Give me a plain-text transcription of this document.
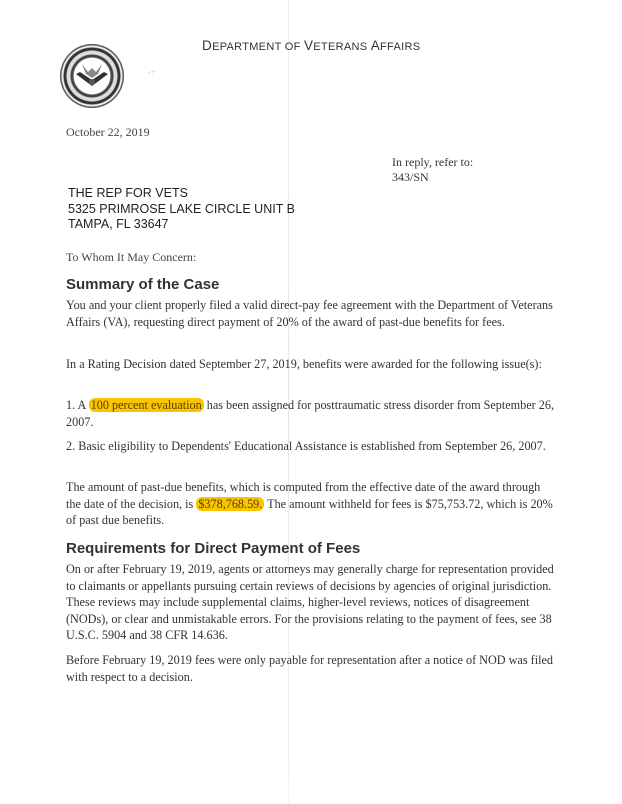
-+·
DEPARTMENT OF VETERANS AFFAIRS
October 22, 2019
In reply, refer to:
343/SN
THE REP FOR VETS
5325 PRIMROSE LAKE CIRCLE UNIT B
TAMPA, FL 33647
To Whom It May Concern:
Summary of the Case
You and your client properly filed a valid direct-pay fee agreement with the Department of Veterans Affairs (VA), requesting direct payment of 20% of the award of past-due benefits for fees.
In a Rating Decision dated September 27, 2019, benefits were awarded for the following issue(s):
1. A 100 percent evaluation has been assigned for posttraumatic stress disorder from September 26, 2007.
2. Basic eligibility to Dependents' Educational Assistance is established from September 26, 2007.
The amount of past-due benefits, which is computed from the effective date of the award through the date of the decision, is $378,768.59. The amount withheld for fees is $75,753.72, which is 20% of past due benefits.
Requirements for Direct Payment of Fees
On or after February 19, 2019, agents or attorneys may generally charge for representation provided to claimants or appellants pursuing certain reviews of decisions by agencies of original jurisdiction. These reviews may include supplemental claims, higher-level reviews, notices of disagreement (NODs), or clear and unmistakable errors. For the provisions relating to the payment of fees, see 38 U.S.C. 5904 and 38 CFR 14.636.
Before February 19, 2019 fees were only payable for representation after a notice of NOD was filed with respect to a decision.
